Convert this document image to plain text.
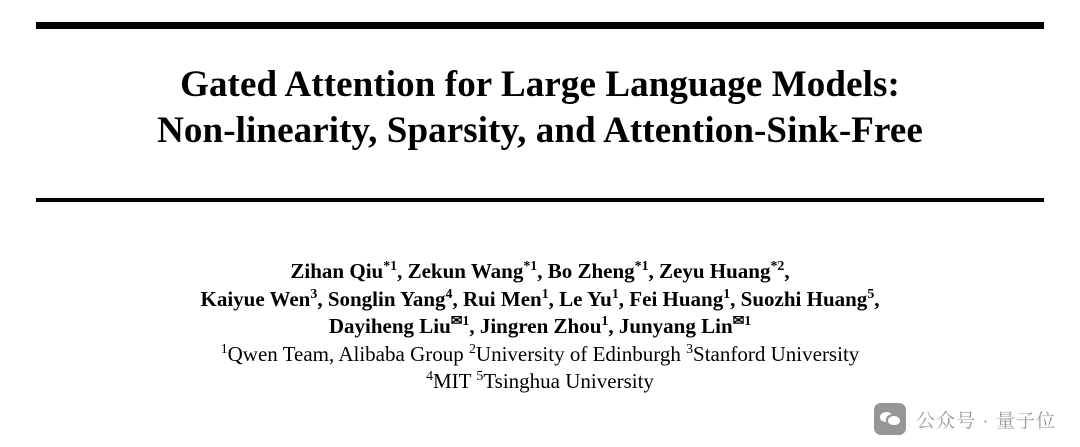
Gated Attention for Large Language Models:
Non-linearity, Sparsity, and Attention-Sink-Free
Zihan Qiu$^{*1}$, Zekun Wang$^{*1}$, Bo Zheng$^{*1}$, Zeyu Huang$^{*2}$,
Kaiyue Wen$^3$, Songlin Yang$^4$, Rui Men$^1$, Le Yu$^1$, Fei Huang$^1$, Suozhi Huang$^5$,
Dayiheng Liu$^{✉1}$, Jingren Zhou$^1$, Junyang Lin$^{✉1}$
$^1$Qwen Team, Alibaba Group $^2$University of Edinburgh $^3$Stanford University
$^4$MIT $^5$Tsinghua University
公众号 · 量子位
